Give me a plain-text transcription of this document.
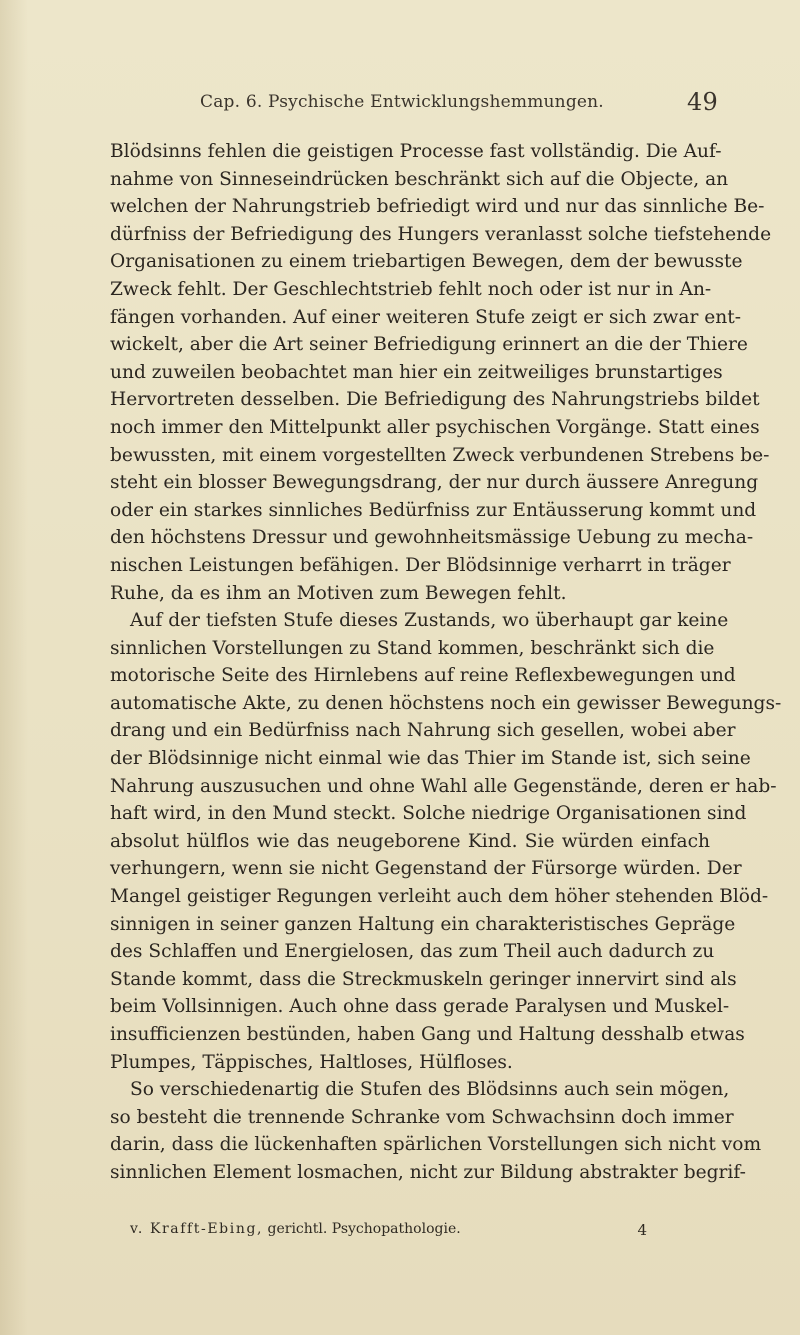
Cap. 6. Psychische Entwicklungshemmungen.	49
Blödsinns fehlen die geistigen Processe fast vollständig. Die Auf-
nahme von Sinneseindrücken beschränkt sich auf die Objecte, an
welchen der Nahrungstrieb befriedigt wird und nur das sinnliche Be-
dürfniss der Befriedigung des Hungers veranlasst solche tiefstehende
Organisationen zu einem triebartigen Bewegen, dem der bewusste
Zweck fehlt. Der Geschlechtstrieb fehlt noch oder ist nur in An-
fängen vorhanden. Auf einer weiteren Stufe zeigt er sich zwar ent-
wickelt, aber die Art seiner Befriedigung erinnert an die der Thiere
und zuweilen beobachtet man hier ein zeitweiliges brunstartiges
Hervortreten desselben. Die Befriedigung des Nahrungstriebs bildet
noch immer den Mittelpunkt aller psychischen Vorgänge. Statt eines
bewussten, mit einem vorgestellten Zweck verbundenen Strebens be-
steht ein blosser Bewegungsdrang, der nur durch äussere Anregung
oder ein starkes sinnliches Bedürfniss zur Entäusserung kommt und
den höchstens Dressur und gewohnheitsmässige Uebung zu mecha-
nischen Leistungen befähigen. Der Blödsinnige verharrt in träger
Ruhe, da es ihm an Motiven zum Bewegen fehlt.
Auf der tiefsten Stufe dieses Zustands, wo überhaupt gar keine
sinnlichen Vorstellungen zu Stand kommen, beschränkt sich die
motorische Seite des Hirnlebens auf reine Reflexbewegungen und
automatische Akte, zu denen höchstens noch ein gewisser Bewegungs-
drang und ein Bedürfniss nach Nahrung sich gesellen, wobei aber
der Blödsinnige nicht einmal wie das Thier im Stande ist, sich seine
Nahrung auszusuchen und ohne Wahl alle Gegenstände, deren er hab-
haft wird, in den Mund steckt. Solche niedrige Organisationen sind
absolut hülflos wie das neugeborene Kind. Sie würden einfach
verhungern, wenn sie nicht Gegenstand der Fürsorge würden. Der
Mangel geistiger Regungen verleiht auch dem höher stehenden Blöd-
sinnigen in seiner ganzen Haltung ein charakteristisches Gepräge
des Schlaffen und Energielosen, das zum Theil auch dadurch zu
Stande kommt, dass die Streckmuskeln geringer innervirt sind als
beim Vollsinnigen. Auch ohne dass gerade Paralysen und Muskel-
insufficienzen bestünden, haben Gang und Haltung desshalb etwas
Plumpes, Täppisches, Haltloses, Hülfloses.
So verschiedenartig die Stufen des Blödsinns auch sein mögen,
so besteht die trennende Schranke vom Schwachsinn doch immer
darin, dass die lückenhaften spärlichen Vorstellungen sich nicht vom
sinnlichen Element losmachen, nicht zur Bildung abstrakter begrif-
v. Krafft-Ebing, gerichtl. Psychopathologie.	4
